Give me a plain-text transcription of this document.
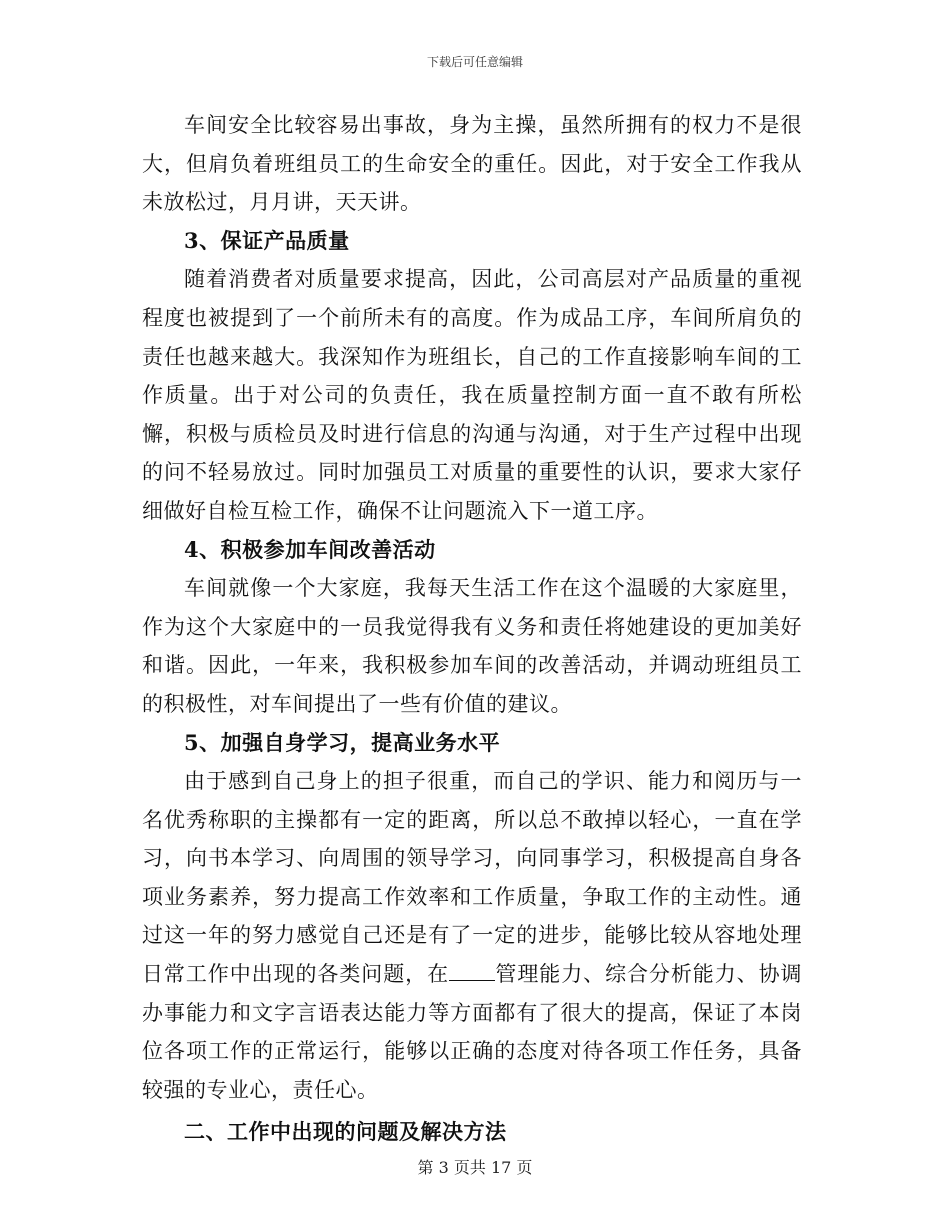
下载后可任意编辑

车间安全比较容易出事故，身为主操，虽然所拥有的权力不是很大，但肩负着班组员工的生命安全的重任。因此，对于安全工作我从未放松过，月月讲，天天讲。

3、保证产品质量

随着消费者对质量要求提高，因此，公司高层对产品质量的重视程度也被提到了一个前所未有的高度。作为成品工序，车间所肩负的责任也越来越大。我深知作为班组长，自己的工作直接影响车间的工作质量。出于对公司的负责任，我在质量控制方面一直不敢有所松懈，积极与质检员及时进行信息的沟通与沟通，对于生产过程中出现的问不轻易放过。同时加强员工对质量的重要性的认识，要求大家仔细做好自检互检工作，确保不让问题流入下一道工序。

4、积极参加车间改善活动

车间就像一个大家庭，我每天生活工作在这个温暖的大家庭里，作为这个大家庭中的一员我觉得我有义务和责任将她建设的更加美好和谐。因此，一年来，我积极参加车间的改善活动，并调动班组员工的积极性，对车间提出了一些有价值的建议。

5、加强自身学习，提高业务水平

由于感到自己身上的担子很重，而自己的学识、能力和阅历与一名优秀称职的主操都有一定的距离，所以总不敢掉以轻心，一直在学习，向书本学习、向周围的领导学习，向同事学习，积极提高自身各项业务素养，努力提高工作效率和工作质量，争取工作的主动性。通过这一年的努力感觉自己还是有了一定的进步，能够比较从容地处理日常工作中出现的各类问题，在 管理能力、综合分析能力、协调办事能力和文字言语表达能力等方面都有了很大的提高，保证了本岗位各项工作的正常运行，能够以正确的态度对待各项工作任务，具备较强的专业心，责任心。

二、工作中出现的问题及解决方法

第 3 页共 17 页
